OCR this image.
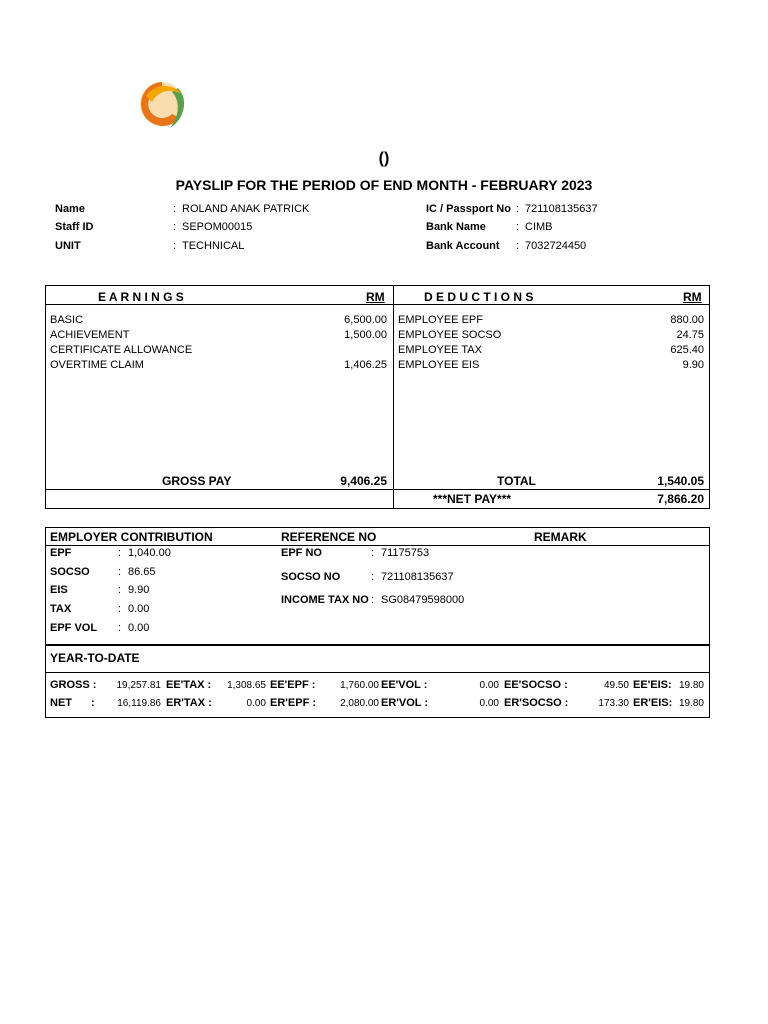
()
PAYSLIP FOR THE PERIOD OF END MONTH - FEBRUARY 2023
Name	: ROLAND ANAK PATRICK
Staff ID	: SEPOM00015
UNIT	: TECHNICAL
IC / Passport No : 721108135637
Bank Name	: CIMB
Bank Account : 7032724450
E A R N I N G S	RM	D E D U C T I O N S	RM
BASIC	6,500.00
ACHIEVEMENT	1,500.00
CERTIFICATE ALLOWANCE
OVERTIME CLAIM	1,406.25
EMPLOYEE EPF	880.00
EMPLOYEE SOCSO	24.75
EMPLOYEE TAX	625.40
EMPLOYEE EIS	9.90
GROSS PAY	9,406.25	TOTAL	1,540.05
***NET PAY***	7,866.20
EMPLOYER CONTRIBUTION	REFERENCE NO	REMARK
EPF	: 1,040.00
SOCSO	: 86.65
EIS	: 9.90
TAX	: 0.00
EPF VOL : 0.00
EPF NO	: 71175753
SOCSO NO	: 721108135637
INCOME TAX NO : SG08479598000
YEAR-TO-DATE
GROSS :	19,257.81 EE'TAX :	1,308.65 EE'EPF :	1,760.00 EE'VOL :	0.00 EE'SOCSO :	49.50 EE'EIS: 19.80
NET :	16,119.86 ER'TAX :	0.00 ER'EPF :	2,080.00 ER'VOL :	0.00 ER'SOCSO :	173.30 ER'EIS: 19.80
